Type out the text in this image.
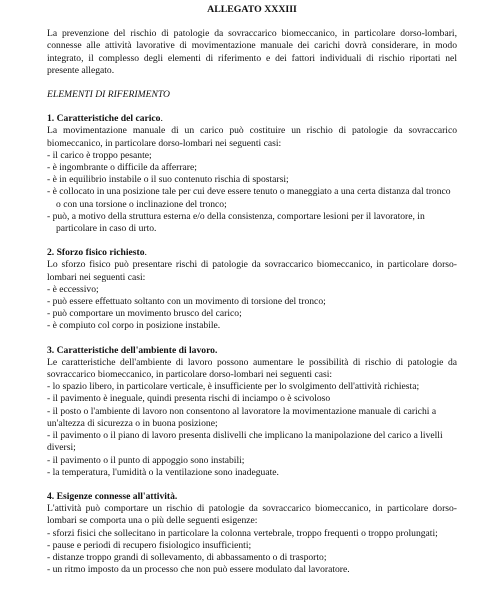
ALLEGATO XXXIII
La prevenzione del rischio di patologie da sovraccarico biomeccanico, in particolare dorso-lombari, connesse alle attività lavorative di movimentazione manuale dei carichi dovrà considerare, in modo integrato, il complesso degli elementi di riferimento e dei fattori individuali di rischio riportati nel presente allegato.
ELEMENTI DI RIFERIMENTO
1. Caratteristiche del carico.
La movimentazione manuale di un carico può costituire un rischio di patologie da sovraccarico biomeccanico, in particolare dorso-lombari nei seguenti casi:
- il carico è troppo pesante;
- è ingombrante o difficile da afferrare;
- è in equilibrio instabile o il suo contenuto rischia di spostarsi;
- è collocato in una posizione tale per cui deve essere tenuto o maneggiato a una certa distanza dal tronco o con una torsione o inclinazione del tronco;
- può, a motivo della struttura esterna e/o della consistenza, comportare lesioni per il lavoratore, in particolare in caso di urto.
2. Sforzo fisico richiesto.
Lo sforzo fisico può presentare rischi di patologie da sovraccarico biomeccanico, in particolare dorso-lombari nei seguenti casi:
- è eccessivo;
- può essere effettuato soltanto con un movimento di torsione del tronco;
- può comportare un movimento brusco del carico;
- è compiuto col corpo in posizione instabile.
3. Caratteristiche dell'ambiente di lavoro.
Le caratteristiche dell'ambiente di lavoro possono aumentare le possibilità di rischio di patologie da sovraccarico biomeccanico, in particolare dorso-lombari nei seguenti casi:
- lo spazio libero, in particolare verticale, è insufficiente per lo svolgimento dell'attività richiesta;
- il pavimento è ineguale, quindi presenta rischi di inciampo o è scivoloso
- il posto o l'ambiente di lavoro non consentono al lavoratore la movimentazione manuale di carichi a un'altezza di sicurezza o in buona posizione;
- il pavimento o il piano di lavoro presenta dislivelli che implicano la manipolazione del carico a livelli diversi;
- il pavimento o il punto di appoggio sono instabili;
- la temperatura, l'umidità o la ventilazione sono inadeguate.
4. Esigenze connesse all'attività.
L'attività può comportare un rischio di patologie da sovraccarico biomeccanico, in particolare dorso-lombari se comporta una o più delle seguenti esigenze:
- sforzi fisici che sollecitano in particolare la colonna vertebrale, troppo frequenti o troppo prolungati;
- pause e periodi di recupero fisiologico insufficienti;
- distanze troppo grandi di sollevamento, di abbassamento o di trasporto;
- un ritmo imposto da un processo che non può essere modulato dal lavoratore.
